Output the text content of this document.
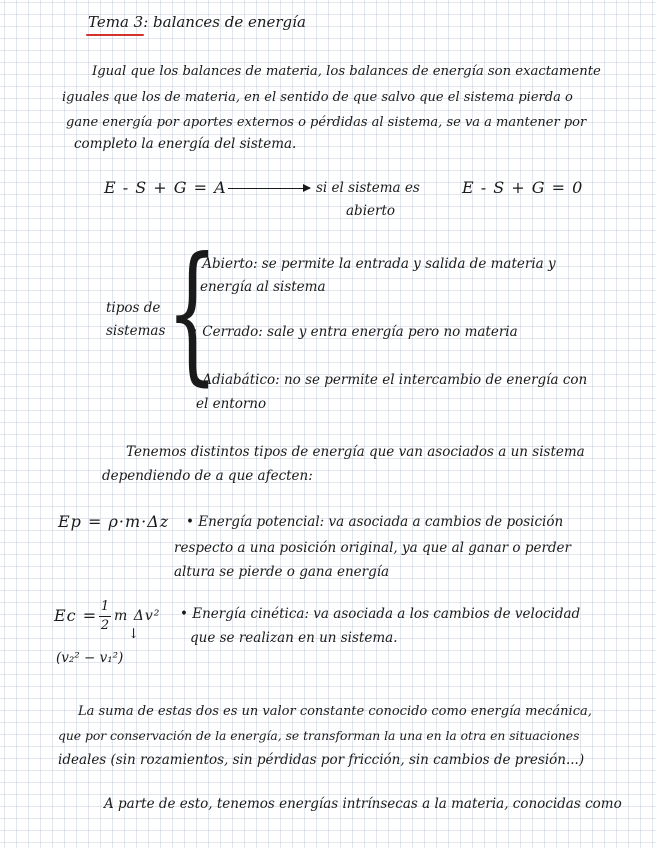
Tema 3: balances de energía
Igual que los balances de materia, los balances de energía son exactamente
iguales que los de materia, en el sentido de que salvo que el sistema pierda o
gane energía por aportes externos o pérdidas al sistema, se va a mantener por
completo la energía del sistema.
E - S + G = A	si el sistema es
abierto
E - S + G = 0
tipos de
sistemas {
• Abierto: se permite la entrada y salida de materia y
energía al sistema
• Cerrado: sale y entra energía pero no materia
• Adiabático: no se permite el intercambio de energía con
el entorno
Tenemos distintos tipos de energía que van asociados a un sistema
dependiendo de a que afecten:
Ep = ρ·m·Δz • Energía potencial: va asociada a cambios de posición
respecto a una posición original, ya que al ganar o perder
altura se pierde o gana energía
Ec = 1
2
m Δv²
↓
(v₂² − v₁²)
• Energía cinética: va asociada a los cambios de velocidad
que se realizan en un sistema.
La suma de estas dos es un valor constante conocido como energía mecánica,
que por conservación de la energía, se transforman la una en la otra en situaciones
ideales (sin rozamientos, sin pérdidas por fricción, sin cambios de presión...)
A parte de esto, tenemos energías intrínsecas a la materia, conocidas como
